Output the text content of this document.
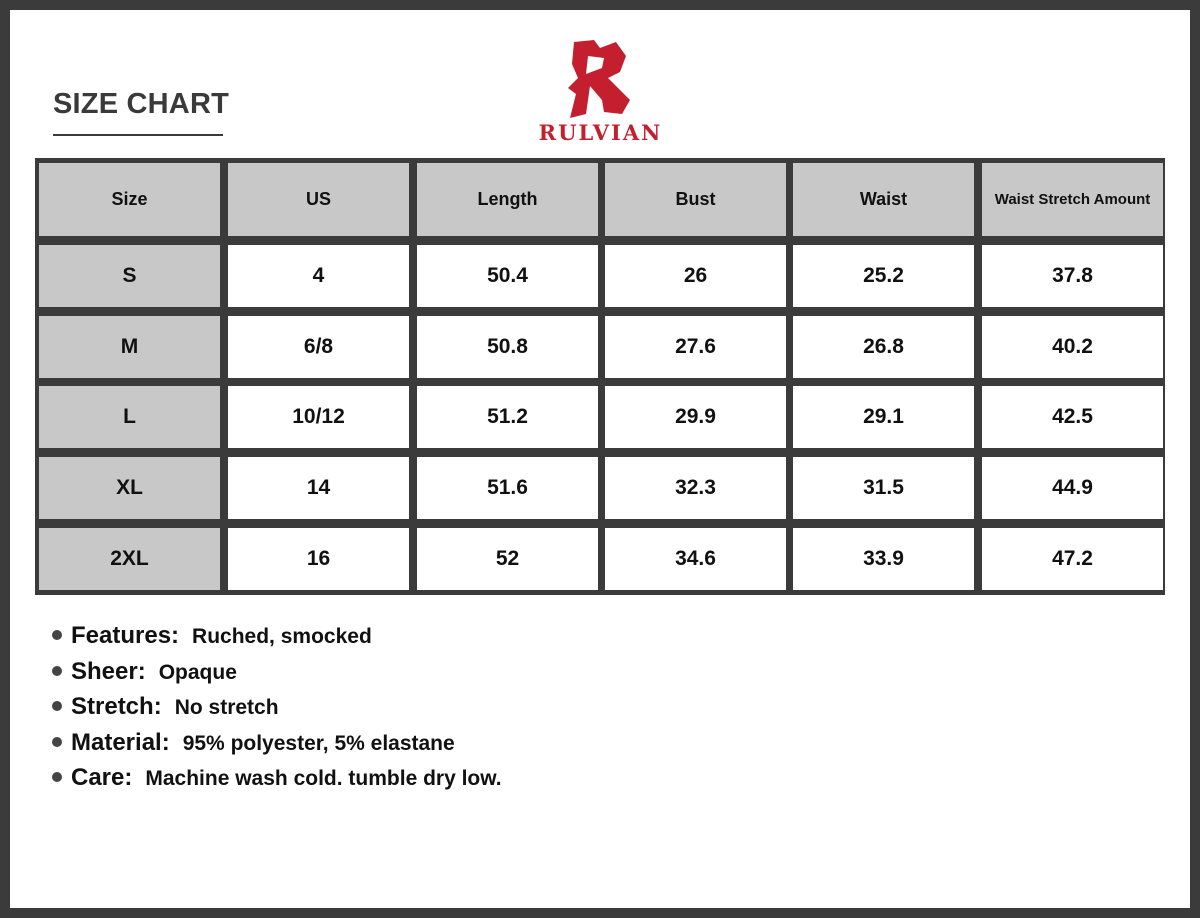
SIZE CHART
RULVIAN
Size	US	Length	Bust	Waist	Waist Stretch Amount
S	4	50.4	26	25.2	37.8
M	6/8	50.8	27.6	26.8	40.2
L	10/12	51.2	29.9	29.1	42.5
XL	14	51.6	32.3	31.5	44.9
2XL	16	52	34.6	33.9	47.2
Features: Ruched, smocked
Sheer: Opaque
Stretch: No stretch
Material: 95% polyester, 5% elastane
Care: Machine wash cold. tumble dry low.
